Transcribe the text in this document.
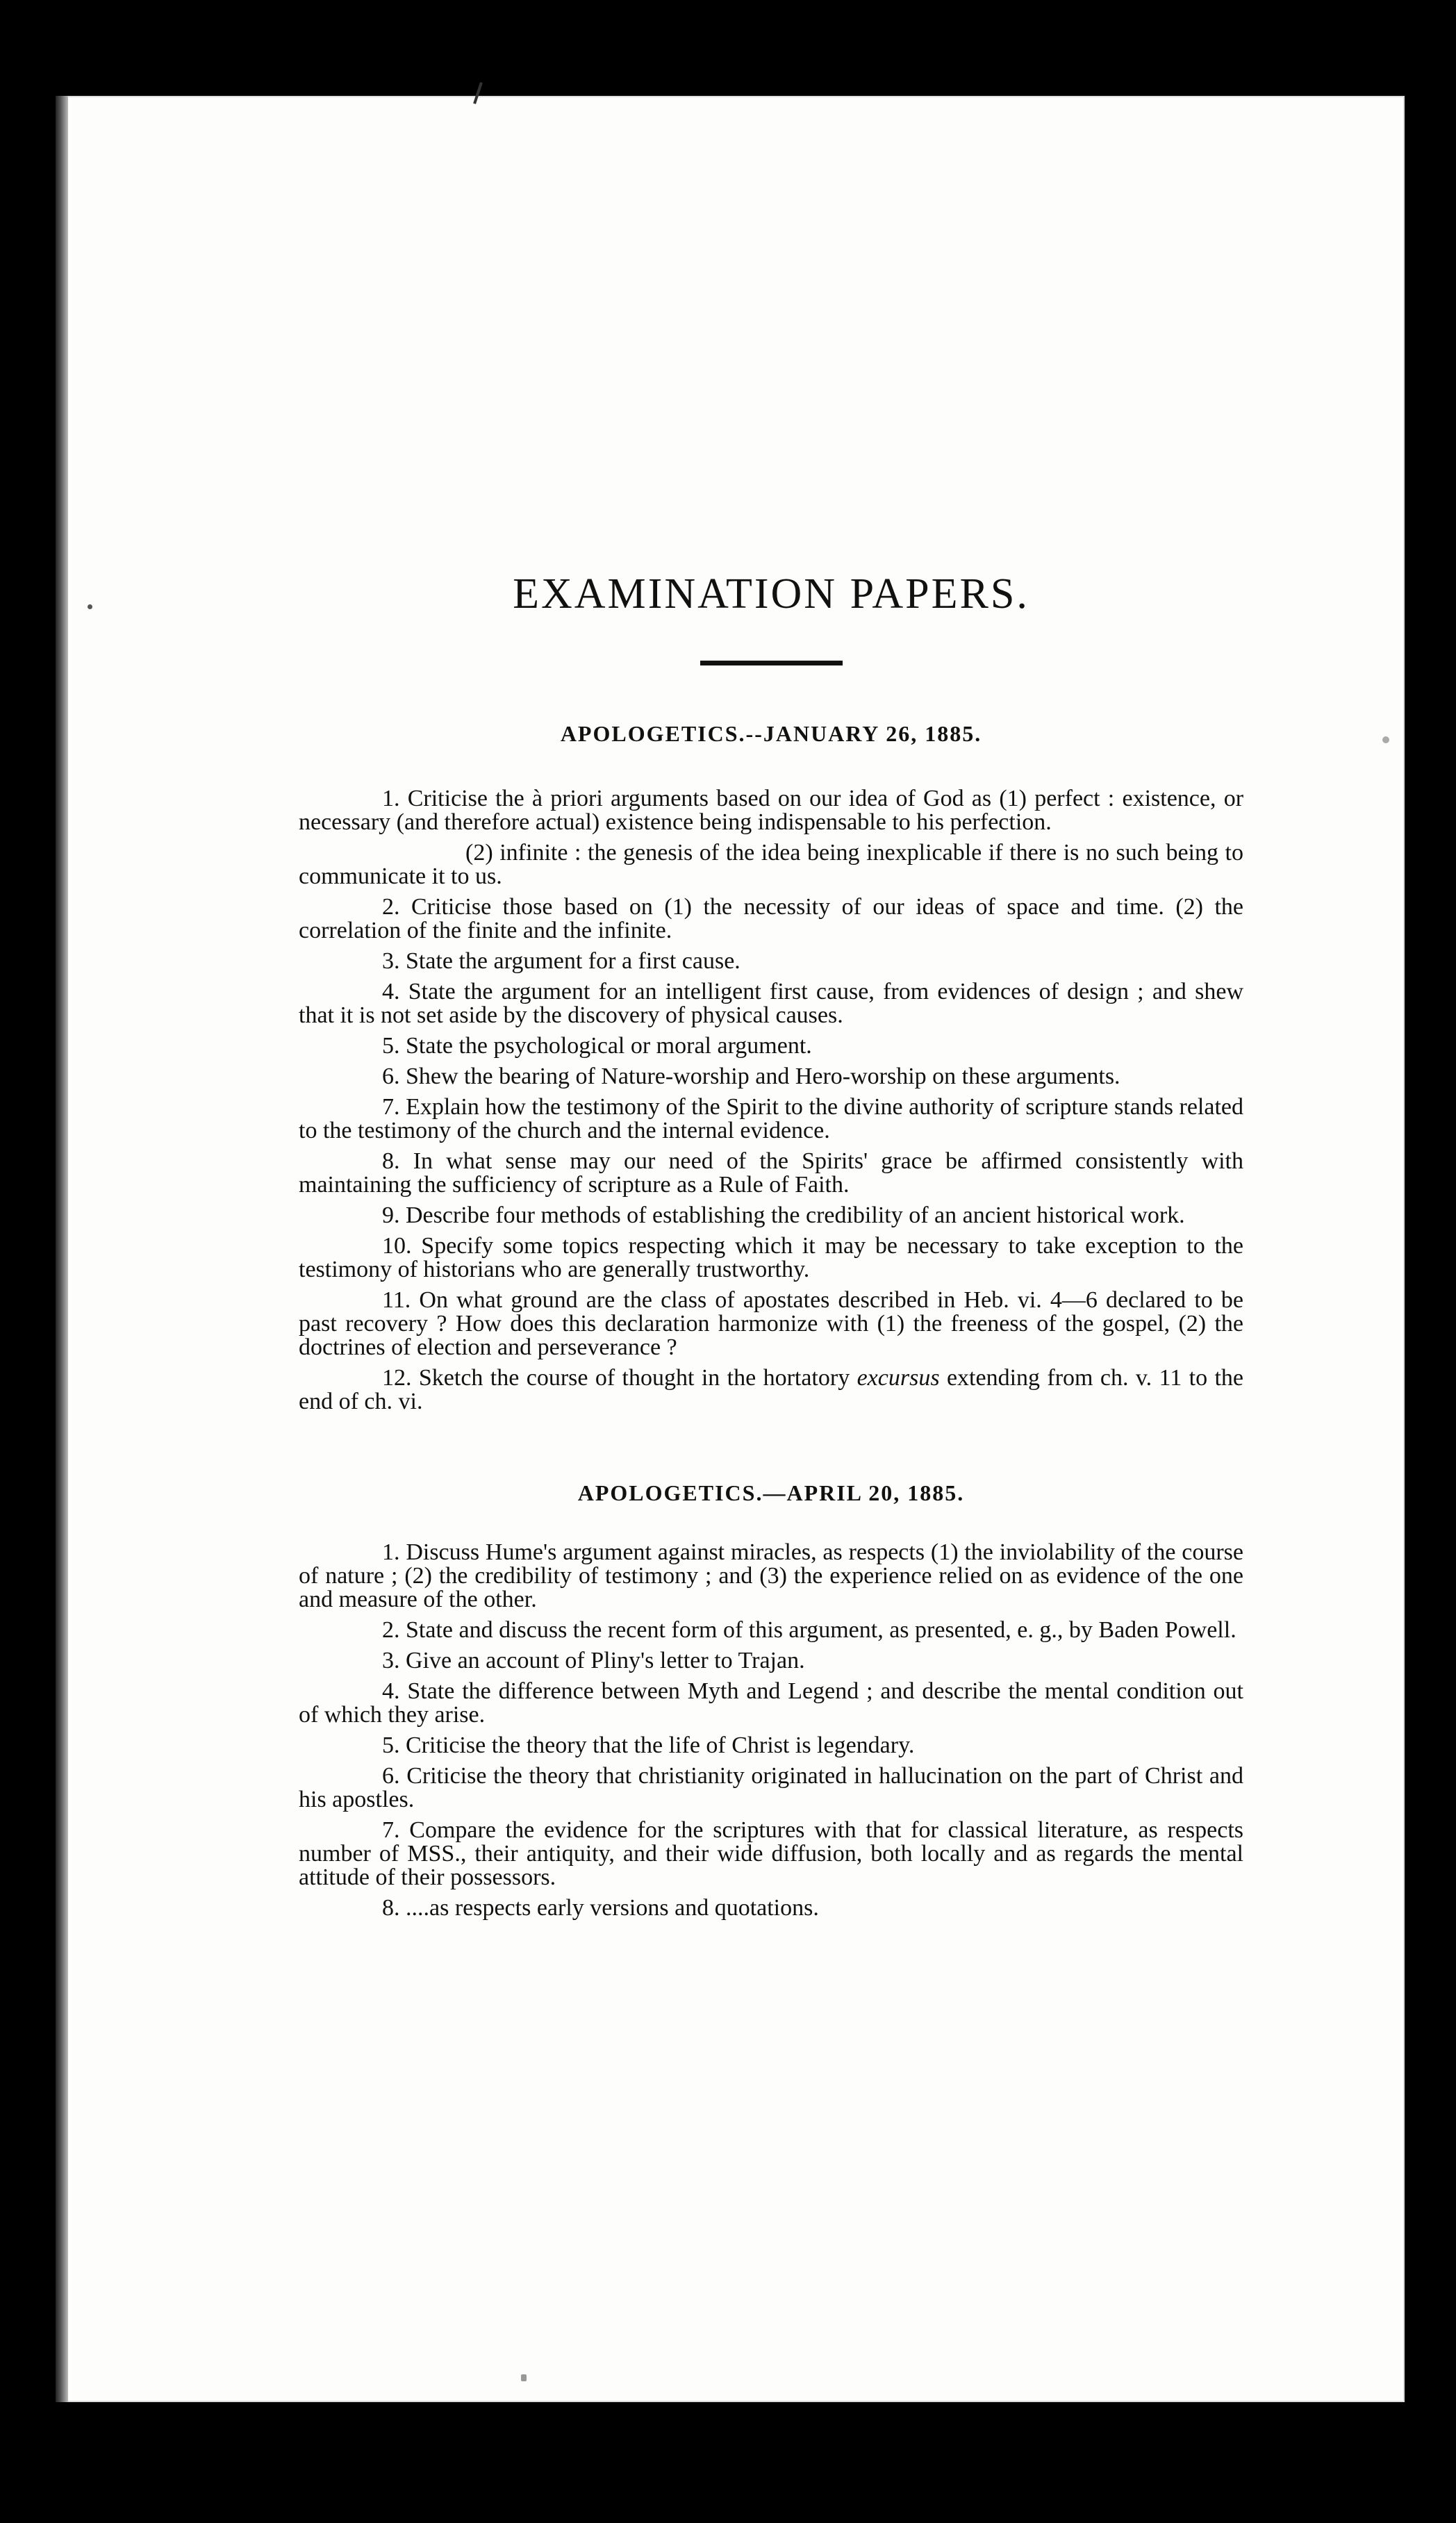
EXAMINATION PAPERS.
APOLOGETICS.--JANUARY 26, 1885.

1. Criticise the à priori arguments based on our idea of God as (1) perfect : existence, or necessary (and therefore actual) existence being indispensable to his perfection.

(2) infinite : the genesis of the idea being inexplicable if there is no such being to communicate it to us.

2. Criticise those based on (1) the necessity of our ideas of space and time. (2) the correlation of the finite and the infinite.

3. State the argument for a first cause.

4. State the argument for an intelligent first cause, from evidences of design ; and shew that it is not set aside by the discovery of physical causes.

5. State the psychological or moral argument.

6. Shew the bearing of Nature-worship and Hero-worship on these arguments.

7. Explain how the testimony of the Spirit to the divine authority of scripture stands related to the testimony of the church and the internal evidence.

8. In what sense may our need of the Spirits' grace be affirmed consistently with maintaining the sufficiency of scripture as a Rule of Faith.

9. Describe four methods of establishing the credibility of an ancient historical work.

10. Specify some topics respecting which it may be necessary to take exception to the testimony of historians who are generally trustworthy.

11. On what ground are the class of apostates described in Heb. vi. 4—6 declared to be past recovery ? How does this declaration harmonize with (1) the freeness of the gospel, (2) the doctrines of election and perseverance ?

12. Sketch the course of thought in the hortatory excursus extending from ch. v. 11 to the end of ch. vi.

APOLOGETICS.—APRIL 20, 1885.

1. Discuss Hume's argument against miracles, as respects (1) the inviolability of the course of nature ; (2) the credibility of testimony ; and (3) the experience relied on as evidence of the one and measure of the other.

2. State and discuss the recent form of this argument, as presented, e. g., by Baden Powell.

3. Give an account of Pliny's letter to Trajan.

4. State the difference between Myth and Legend ; and describe the mental condition out of which they arise.

5. Criticise the theory that the life of Christ is legendary.

6. Criticise the theory that christianity originated in hallucination on the part of Christ and his apostles.

7. Compare the evidence for the scriptures with that for classical literature, as respects number of MSS., their antiquity, and their wide diffusion, both locally and as regards the mental attitude of their possessors.

8. ....as respects early versions and quotations.
